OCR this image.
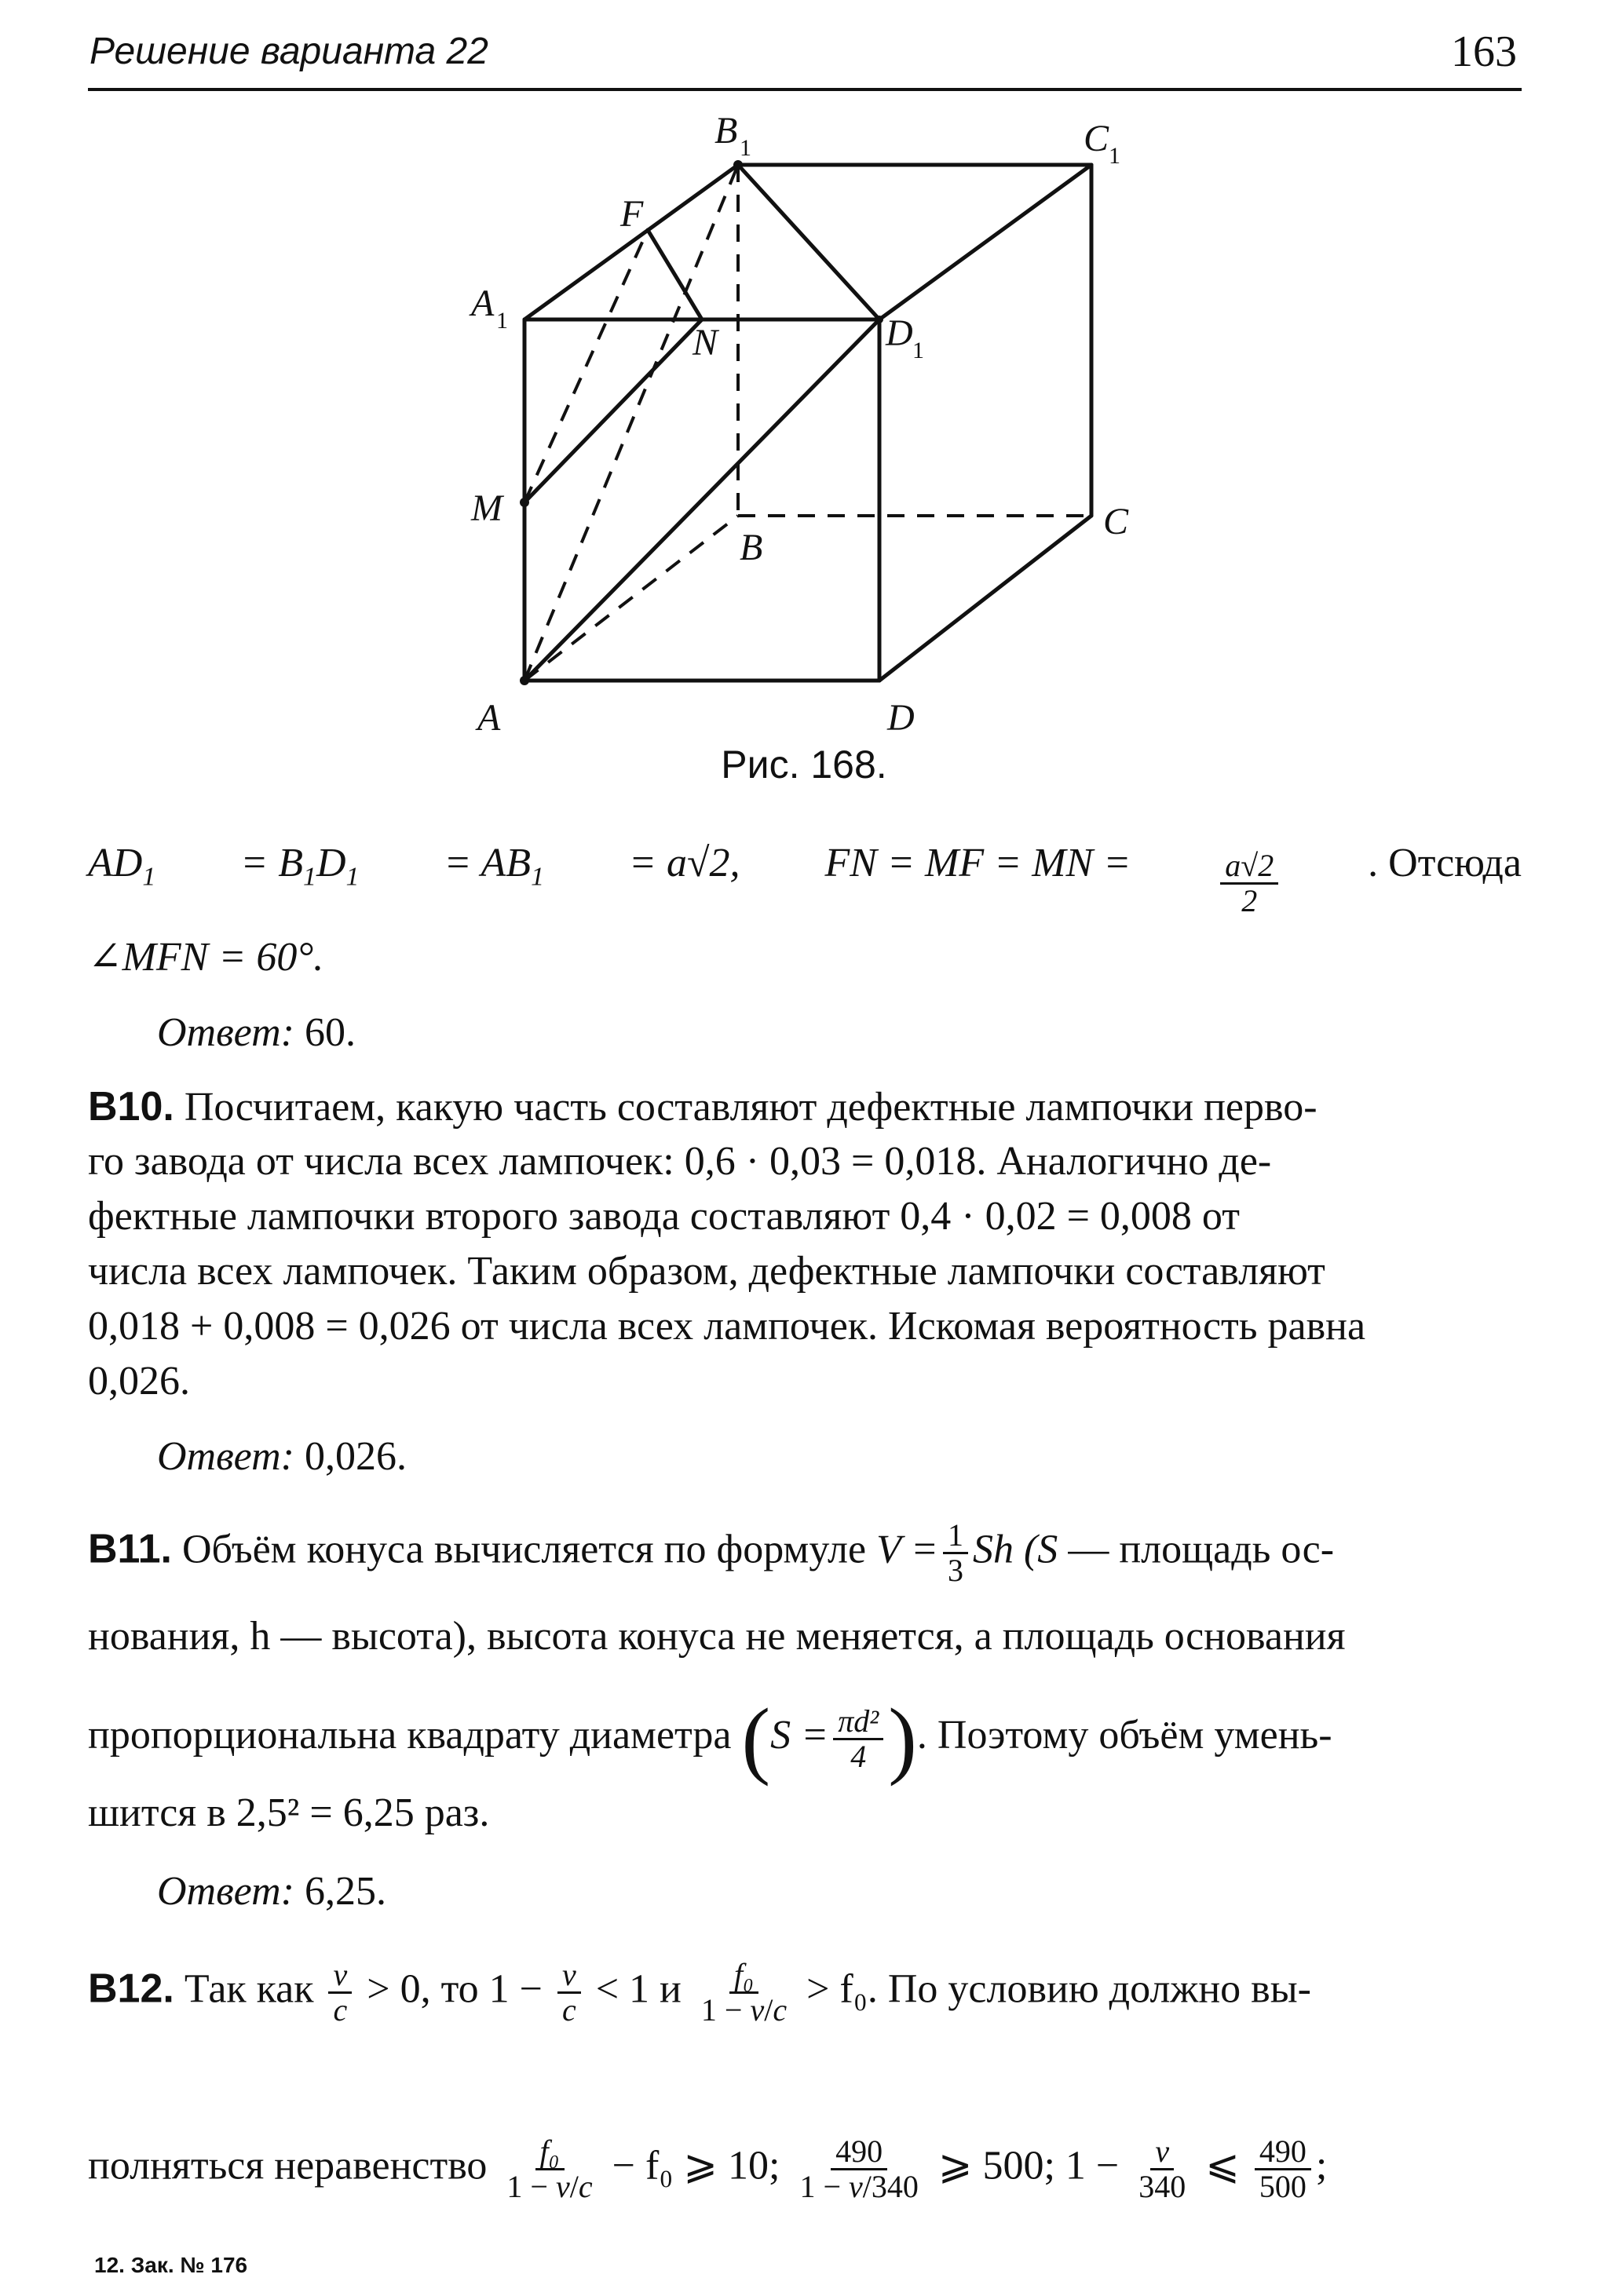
Решение варианта 22	163
A
B
C
D
A 1
B 1	C 1
D 1
F
N
M
Рис. 168.
$AD_1 = B_1D_1 = AB_1 = a√2$, FN = MF = MN =	$\frac{a√2}{2}$ . Отсюда
∠MFN = 60°.
Ответ: 60.
B10. Посчитаем, какую часть составляют дефектные лампочки перво-
го завода от числа всех лампочек: 0,6 · 0,03 = 0,018. Аналогично де-
фектные лампочки второго завода составляют 0,4 · 0,02 = 0,008 от
числа всех лампочек. Таким образом, дефектные лампочки составляют
0,018 + 0,008 = 0,026 от числа всех лампочек. Искомая вероятность равна
0,026.
Ответ: 0,026.
B11. Объём конуса вычисляется по формуле $V = \frac{1}{3}$ Sh (S — площадь ос-
нования, h — высота), высота конуса не меняется, а площадь основания
пропорциональна квадрату диаметра ($S = \frac{\text{πd²}}{4}$ ). Поэтому объём умень-
шится в 2,5² = 6,25 раз.
Ответ: 6,25.
B12. Так как $\frac{v}{c} > 0$, то $1 - \frac{v}{c} < 1$ и $\frac{\text{f₀}}{1 - v/c} > f_0$. По условию должно вы-
полняться неравенство $\frac{\text{f₀}}{1 - v/c} - f_0$ ⩾ 10; $\frac{490}{1 - v/340}$ ⩾ 500; $1 - \frac{v}{340}$ ⩽ $\frac{490}{500}$ ;
12. Зак. № 176
